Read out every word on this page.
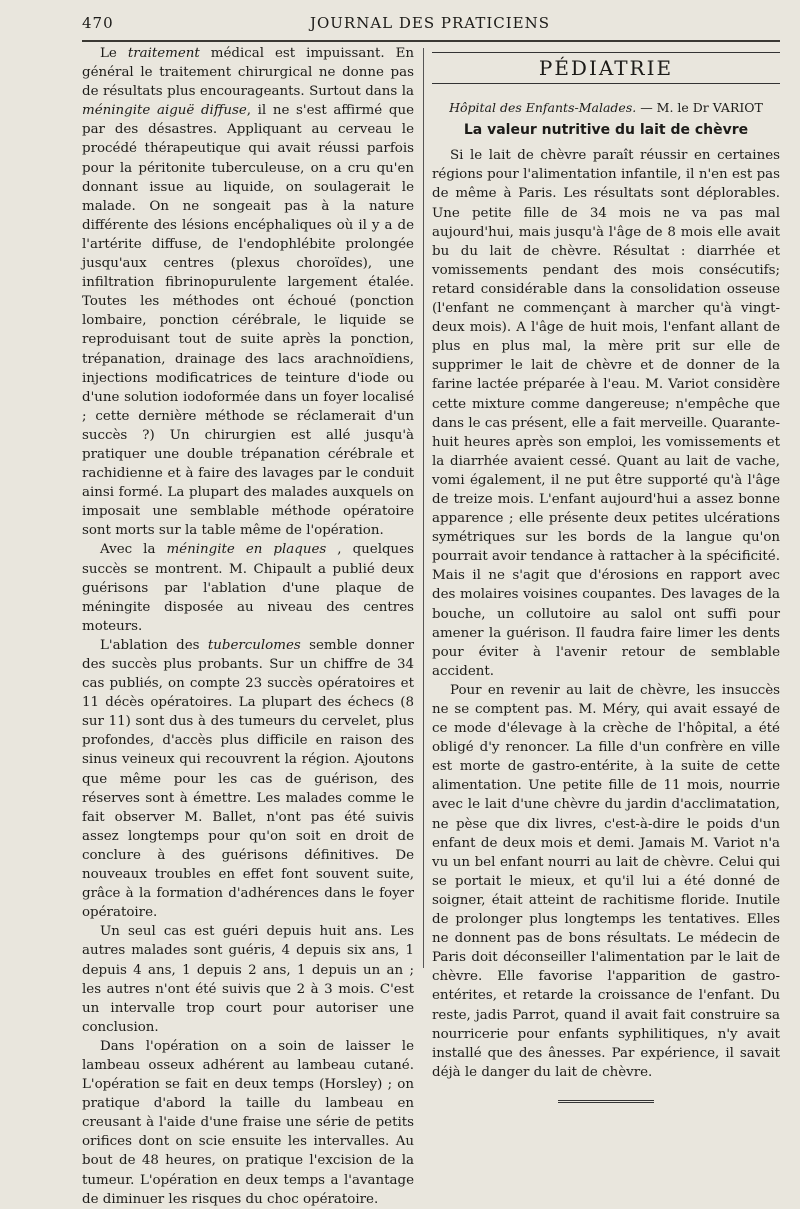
470	JOURNAL DES PRATICIENS

Le traitement médical est impuissant. En général le traitement chirurgical ne donne pas de résultats plus encourageants. Surtout dans la méningite aiguë diffuse, il ne s'est affirmé que par des désastres. Appliquant au cerveau le procédé thérapeutique qui avait réussi parfois pour la péritonite tuberculeuse, on a cru qu'en donnant issue au liquide, on soulagerait le malade. On ne songeait pas à la nature différente des lésions encéphaliques où il y a de l'artérite diffuse, de l'endophlébite prolongée jusqu'aux centres (plexus choroïdes), une infiltration fibrinopurulente largement étalée. Toutes les méthodes ont échoué (ponction lombaire, ponction cérébrale, le liquide se reproduisant tout de suite après la ponction, trépanation, drainage des lacs arachnoïdiens, injections modificatrices de teinture d'iode ou d'une solution iodoformée dans un foyer localisé ; cette dernière méthode se réclamerait d'un succès ?) Un chirurgien est allé jusqu'à pratiquer une double trépanation cérébrale et rachidienne et à faire des lavages par le conduit ainsi formé. La plupart des malades auxquels on imposait une semblable méthode opératoire sont morts sur la table même de l'opération.

Avec la méningite en plaques , quelques succès se montrent. M. Chipault a publié deux guérisons par l'ablation d'une plaque de méningite disposée au niveau des centres moteurs.

L'ablation des tuberculomes semble donner des succès plus probants. Sur un chiffre de 34 cas publiés, on compte 23 succès opératoires et 11 décès opératoires. La plupart des échecs (8 sur 11) sont dus à des tumeurs du cervelet, plus profondes, d'accès plus difficile en raison des sinus veineux qui recouvrent la région. Ajoutons que même pour les cas de guérison, des réserves sont à émettre. Les malades comme le fait observer M. Ballet, n'ont pas été suivis assez longtemps pour qu'on soit en droit de conclure à des guérisons définitives. De nouveaux troubles en effet font souvent suite, grâce à la formation d'adhérences dans le foyer opératoire.

Un seul cas est guéri depuis huit ans. Les autres malades sont guéris, 4 depuis six ans, 1 depuis 4 ans, 1 depuis 2 ans, 1 depuis un an ; les autres n'ont été suivis que 2 à 3 mois. C'est un intervalle trop court pour autoriser une conclusion.

Dans l'opération on a soin de laisser le lambeau osseux adhérent au lambeau cutané. L'opération se fait en deux temps (Horsley) ; on pratique d'abord la taille du lambeau en creusant à l'aide d'une fraise une série de petits orifices dont on scie ensuite les intervalles. Au bout de 48 heures, on pratique l'excision de la tumeur. L'opération en deux temps a l'avantage de diminuer les risques du choc opératoire.

PÉDIATRIE
Hôpital des Enfants-Malades. — M. le Dr VARIOT
La valeur nutritive du lait de chèvre

Si le lait de chèvre paraît réussir en certaines régions pour l'alimentation infantile, il n'en est pas de même à Paris. Les résultats sont déplorables. Une petite fille de 34 mois ne va pas mal aujourd'hui, mais jusqu'à l'âge de 8 mois elle avait bu du lait de chèvre. Résultat : diarrhée et vomissements pendant des mois consécutifs; retard considérable dans la consolidation osseuse (l'enfant ne commençant à marcher qu'à vingt-deux mois). A l'âge de huit mois, l'enfant allant de plus en plus mal, la mère prit sur elle de supprimer le lait de chèvre et de donner de la farine lactée préparée à l'eau. M. Variot considère cette mixture comme dangereuse; n'empêche que dans le cas présent, elle a fait merveille. Quarante-huit heures après son emploi, les vomissements et la diarrhée avaient cessé. Quant au lait de vache, vomi également, il ne put être supporté qu'à l'âge de treize mois. L'enfant aujourd'hui a assez bonne apparence ; elle présente deux petites ulcérations symétriques sur les bords de la langue qu'on pourrait avoir tendance à rattacher à la spécificité. Mais il ne s'agit que d'érosions en rapport avec des molaires voisines coupantes. Des lavages de la bouche, un collutoire au salol ont suffi pour amener la guérison. Il faudra faire limer les dents pour éviter à l'avenir retour de semblable accident.

Pour en revenir au lait de chèvre, les insuccès ne se comptent pas. M. Méry, qui avait essayé de ce mode d'élevage à la crèche de l'hôpital, a été obligé d'y renoncer. La fille d'un confrère en ville est morte de gastro-entérite, à la suite de cette alimentation. Une petite fille de 11 mois, nourrie avec le lait d'une chèvre du jardin d'acclimatation, ne pèse que dix livres, c'est-à-dire le poids d'un enfant de deux mois et demi. Jamais M. Variot n'a vu un bel enfant nourri au lait de chèvre. Celui qui se portait le mieux, et qu'il lui a été donné de soigner, était atteint de rachitisme floride. Inutile de prolonger plus longtemps les tentatives. Elles ne donnent pas de bons résultats. Le médecin de Paris doit déconseiller l'alimentation par le lait de chèvre. Elle favorise l'apparition de gastro-entérites, et retarde la croissance de l'enfant. Du reste, jadis Parrot, quand il avait fait construire sa nourricerie pour enfants syphilitiques, n'y avait installé que des ânesses. Par expérience, il savait déjà le danger du lait de chèvre.
